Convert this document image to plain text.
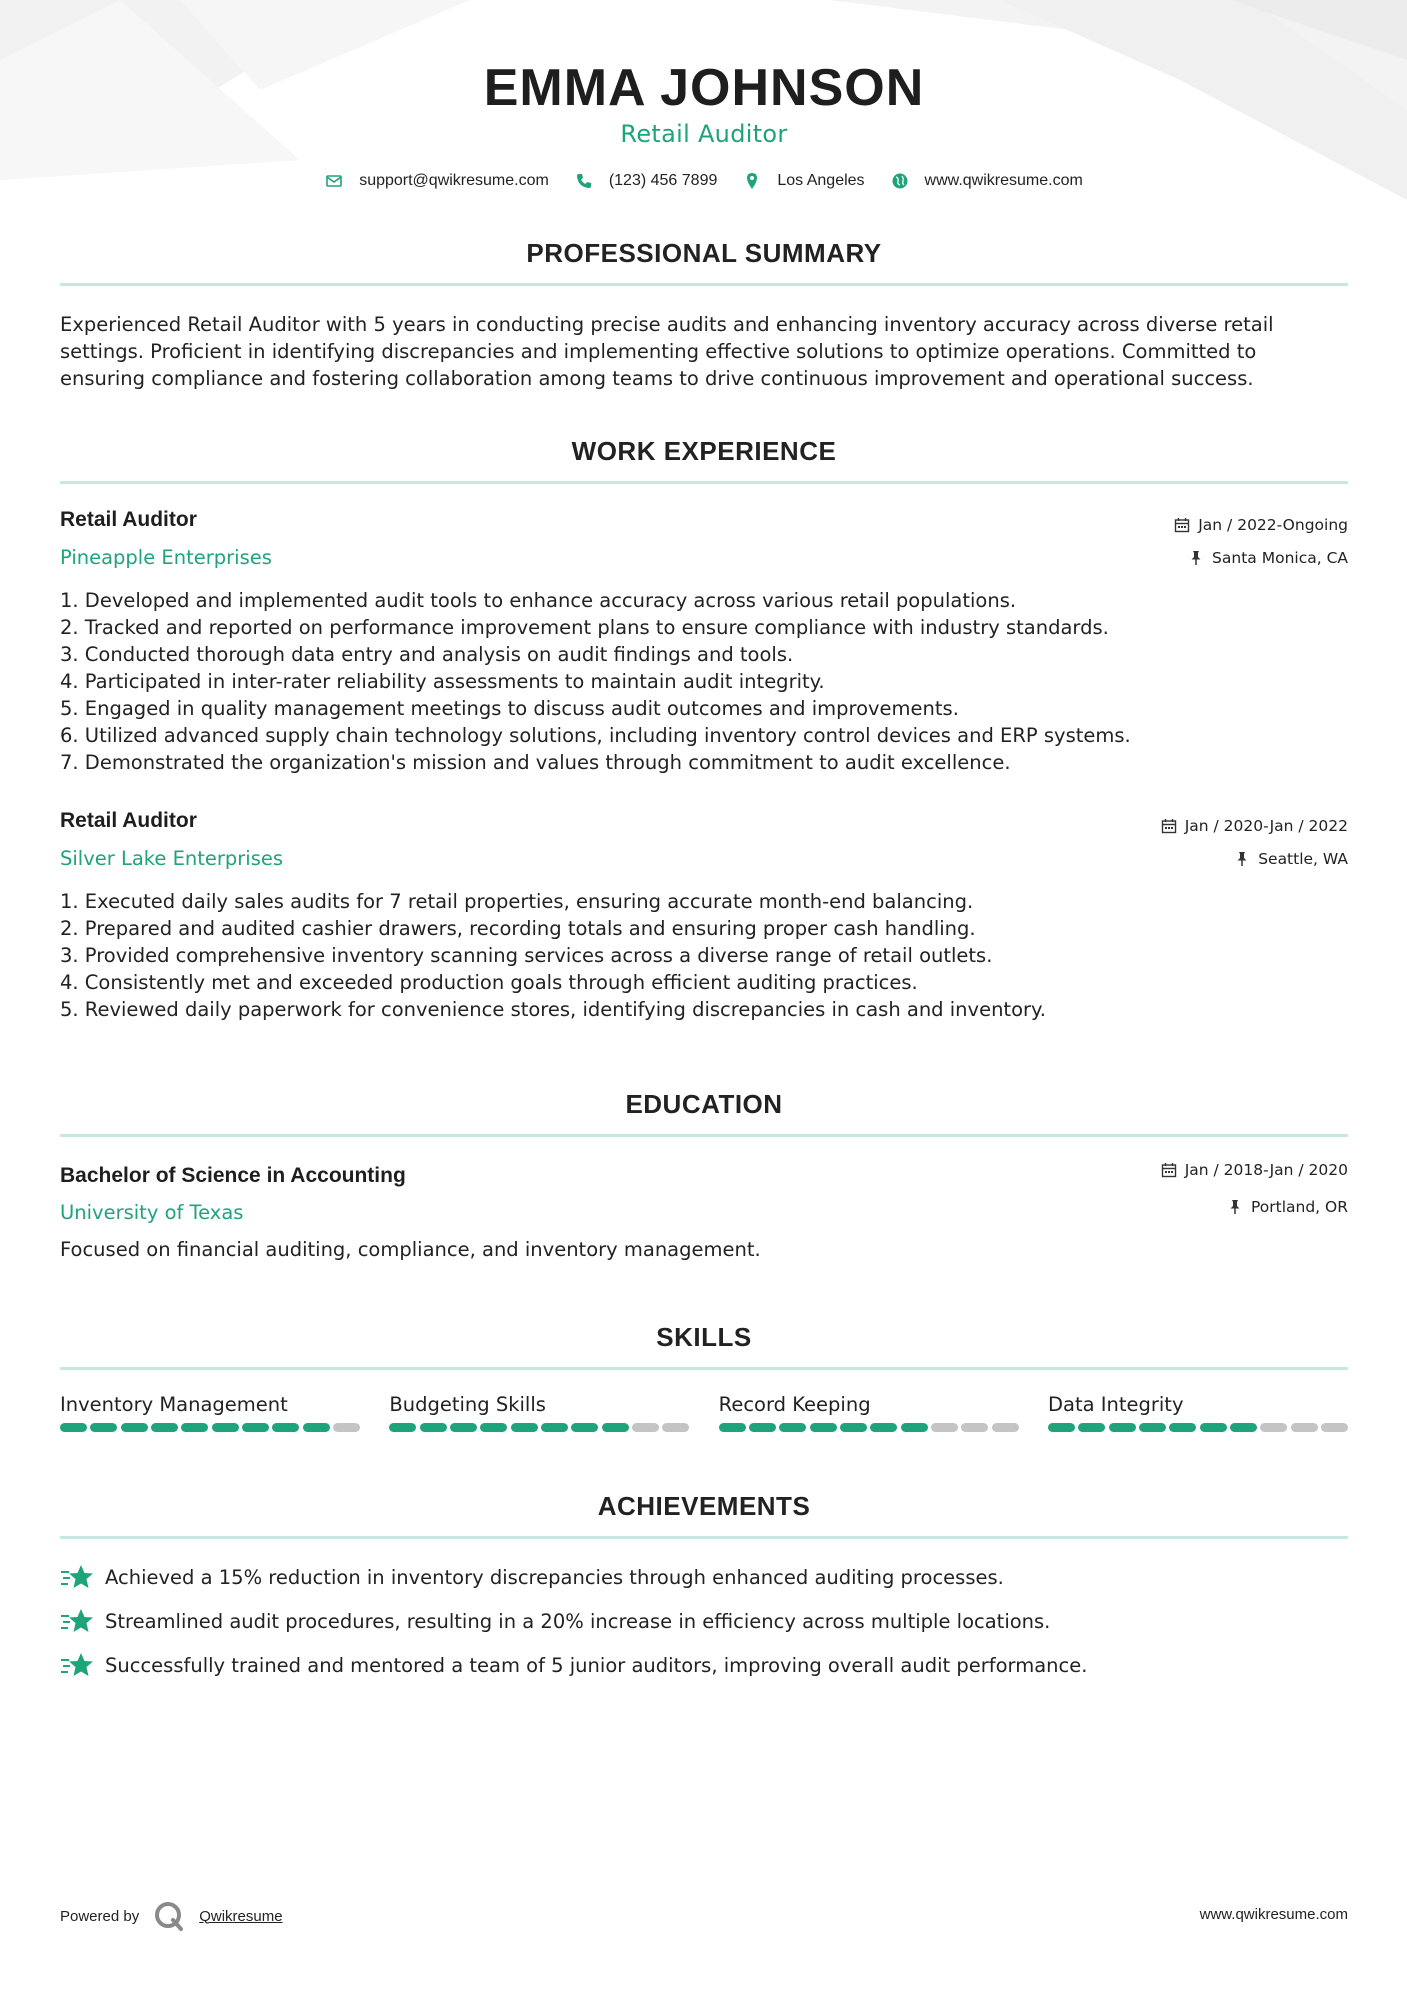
EMMA JOHNSON
Retail Auditor
support@qwikresume.com	(123) 456 7899	Los Angeles	www.qwikresume.com
PROFESSIONAL SUMMARY
Experienced Retail Auditor with 5 years in conducting precise audits and enhancing inventory accuracy across diverse retail
settings. Proficient in identifying discrepancies and implementing effective solutions to optimize operations. Committed to
ensuring compliance and fostering collaboration among teams to drive continuous improvement and operational success.
WORK EXPERIENCE
Retail Auditor
Pineapple Enterprises
Jan / 2022-Ongoing
Santa Monica, CA
1. Developed and implemented audit tools to enhance accuracy across various retail populations.
2. Tracked and reported on performance improvement plans to ensure compliance with industry standards.
3. Conducted thorough data entry and analysis on audit findings and tools.
4. Participated in inter-rater reliability assessments to maintain audit integrity.
5. Engaged in quality management meetings to discuss audit outcomes and improvements.
6. Utilized advanced supply chain technology solutions, including inventory control devices and ERP systems.
7. Demonstrated the organization's mission and values through commitment to audit excellence.
Retail Auditor
Silver Lake Enterprises
Jan / 2020-Jan / 2022
Seattle, WA
1. Executed daily sales audits for 7 retail properties, ensuring accurate month-end balancing.
2. Prepared and audited cashier drawers, recording totals and ensuring proper cash handling.
3. Provided comprehensive inventory scanning services across a diverse range of retail outlets.
4. Consistently met and exceeded production goals through efficient auditing practices.
5. Reviewed daily paperwork for convenience stores, identifying discrepancies in cash and inventory.
EDUCATION
Bachelor of Science in Accounting
University of Texas
Jan / 2018-Jan / 2020
Portland, OR
Focused on financial auditing, compliance, and inventory management.
SKILLS
Inventory Management	Budgeting Skills	Record Keeping	Data Integrity
ACHIEVEMENTS
Achieved a 15% reduction in inventory discrepancies through enhanced auditing processes.
Streamlined audit procedures, resulting in a 20% increase in efficiency across multiple locations.
Successfully trained and mentored a team of 5 junior auditors, improving overall audit performance.
Powered by	Qwikresume	www.qwikresume.com
